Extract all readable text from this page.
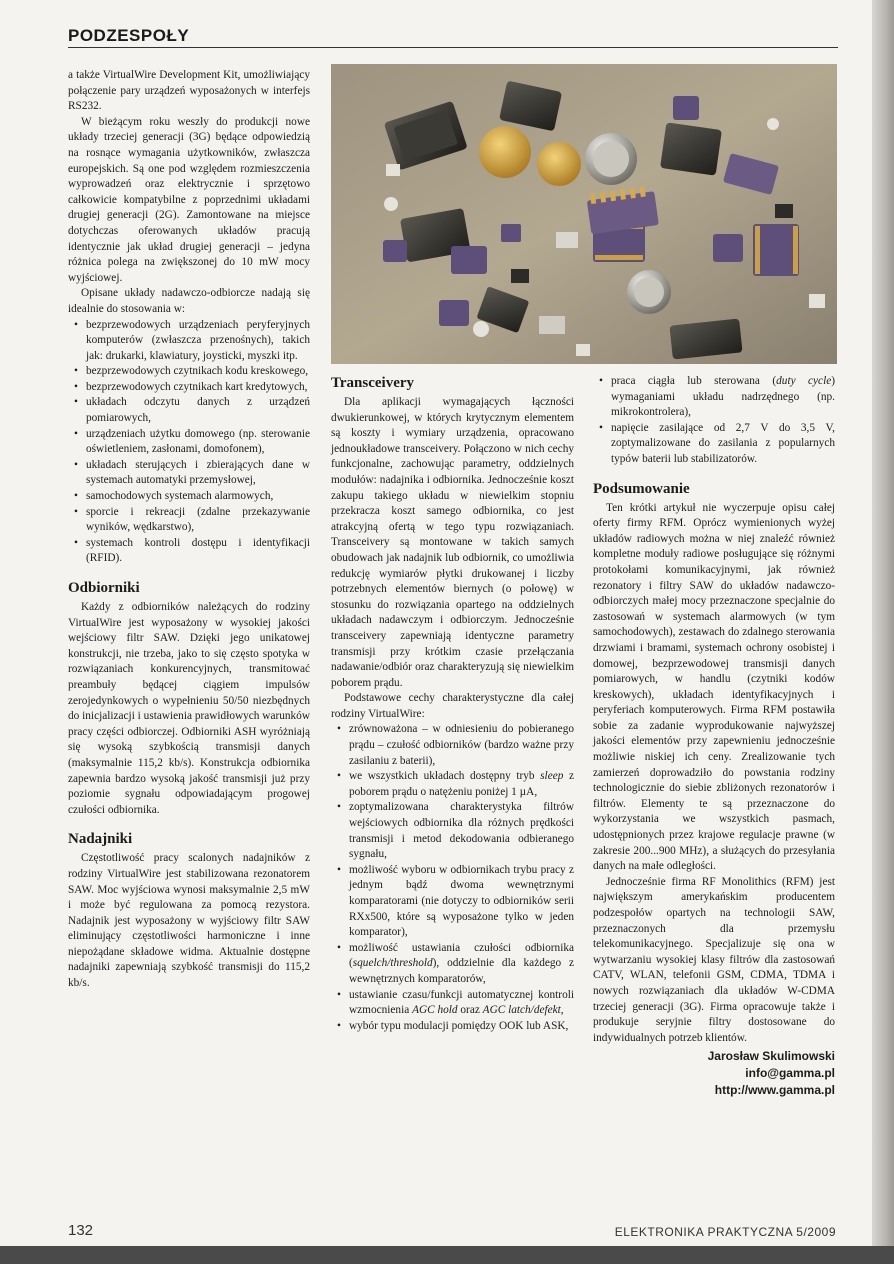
PODZESPOŁY

a także VirtualWire Development Kit, umożliwiający połączenie pary urządzeń wyposażonych w interfejs RS232.

W bieżącym roku weszły do produkcji nowe układy trzeciej generacji (3G) będące odpowiedzią na rosnące wymagania użytkowników, zwłaszcza europejskich. Są one pod względem rozmieszczenia wyprowadzeń oraz elektrycznie i sprzętowo całkowicie kompatybilne z poprzednimi układami drugiej generacji (2G). Zamontowane na miejsce dotychczas oferowanych układów pracują identycznie jak układ drugiej generacji – jedyna różnica polega na zwiększonej do 10 mW mocy wyjściowej.

Opisane układy nadawczo-odbiorcze nadają się idealnie do stosowania w:

• bezprzewodowych urządzeniach peryferyjnych komputerów (zwłaszcza przenośnych), takich jak: drukarki, klawiatury, joysticki, myszki itp.
• bezprzewodowych czytnikach kodu kreskowego,
• bezprzewodowych czytnikach kart kredytowych,
• układach odczytu danych z urządzeń pomiarowych,
• urządzeniach użytku domowego (np. sterowanie oświetleniem, zasłonami, domofonem),
• układach sterujących i zbierających dane w systemach automatyki przemysłowej,
• samochodowych systemach alarmowych,
• sporcie i rekreacji (zdalne przekazywanie wyników, wędkarstwo),
• systemach kontroli dostępu i identyfikacji (RFID).
Odbiorniki

Każdy z odbiorników należących do rodziny VirtualWire jest wyposażony w wysokiej jakości wejściowy filtr SAW. Dzięki jego unikatowej konstrukcji, nie trzeba, jako to się często spotyka w rozwiązaniach konkurencyjnych, transmitować preambuły będącej ciągiem impulsów zerojedynkowych o wypełnieniu 50/50 niezbędnych do inicjalizacji i ustawienia prawidłowych warunków pracy części odbiorczej. Odbiorniki ASH wyróżniają się wysoką szybkością transmisji danych (maksymalnie 115,2 kb/s). Konstrukcja odbiornika zapewnia bardzo wysoką jakość transmisji już przy poziomie sygnału odpowiadającym progowej czułości odbiornika.

Nadajniki

Częstotliwość pracy scalonych nadajników z rodziny VirtualWire jest stabilizowana rezonatorem SAW. Moc wyjściowa wynosi maksymalnie 2,5 mW i może być regulowana za pomocą rezystora. Nadajnik jest wyposażony w wyjściowy filtr SAW eliminujący częstotliwości harmoniczne i inne niepożądane składowe widma. Aktualnie dostępne nadajniki zapewniają szybkość transmisji do 115,2 kb/s.

Transceivery

Dla aplikacji wymagających łączności dwukierunkowej, w których krytycznym elementem są koszty i wymiary urządzenia, opracowano jednoukładowe transceivery. Połączono w nich cechy funkcjonalne, zachowując parametry, oddzielnych modułów: nadajnika i odbiornika. Jednocześnie koszt zakupu takiego układu w niewielkim stopniu przekracza koszt samego odbiornika, co jest atrakcyjną ofertą w tego typu rozwiązaniach. Transceivery są montowane w takich samych obudowach jak nadajnik lub odbiornik, co umożliwia redukcję wymiarów płytki drukowanej i liczby potrzebnych elementów biernych (o połowę) w stosunku do rozwiązania opartego na oddzielnych układach nadawczym i odbiorczym. Jednocześnie transceivery zapewniają identyczne parametry transmisji przy krótkim czasie przełączania nadawanie/odbiór oraz charakteryzują się niewielkim poborem prądu.

Podstawowe cechy charakterystyczne dla całej rodziny VirtualWire:

• zrównoważona – w odniesieniu do pobieranego prądu – czułość odbiorników (bardzo ważne przy zasilaniu z baterii),
• we wszystkich układach dostępny tryb sleep z poborem prądu o natężeniu poniżej 1 µA,
• zoptymalizowana charakterystyka filtrów wejściowych odbiornika dla różnych prędkości transmisji i metod dekodowania odbieranego sygnału,
• możliwość wyboru w odbiornikach trybu pracy z jednym bądź dwoma wewnętrznymi komparatorami (nie dotyczy to odbiorników serii RXx500, które są wyposażone tylko w jeden komparator),
• możliwość ustawiania czułości odbiornika (squelch/threshold), oddzielnie dla każdego z wewnętrznych komparatorów,
• ustawianie czasu/funkcji automatycznej kontroli wzmocnienia AGC hold oraz AGC latch/defekt,
• wybór typu modulacji pomiędzy OOK lub ASK,
• praca ciągła lub sterowana (duty cycle) wymaganiami układu nadrzędnego (np. mikrokontrolera),
• napięcie zasilające od 2,7 V do 3,5 V, zoptymalizowane do zasilania z popularnych typów baterii lub stabilizatorów.
Podsumowanie

Ten krótki artykuł nie wyczerpuje opisu całej oferty firmy RFM. Oprócz wymienionych wyżej układów radiowych można w niej znaleźć również kompletne moduły radiowe posługujące się różnymi protokołami komunikacyjnymi, jak również rezonatory i filtry SAW do układów nadawczo-odbiorczych małej mocy przeznaczone specjalnie do zastosowań w systemach alarmowych (w tym samochodowych), zestawach do zdalnego sterowania drzwiami i bramami, systemach ochrony osobistej i domowej, bezprzewodowej transmisji danych pomiarowych, w handlu (czytniki kodów kreskowych), układach identyfikacyjnych i peryferiach komputerowych. Firma RFM postawiła sobie za zadanie wyprodukowanie najwyższej jakości elementów przy zapewnieniu jednocześnie możliwie niskiej ich ceny. Zrealizowanie tych zamierzeń doprowadziło do powstania rodziny technologicznie do siebie zbliżonych rezonatorów i filtrów. Elementy te są przeznaczone do wykorzystania we wszystkich pasmach, udostępnionych przez krajowe regulacje prawne (w zakresie 200...900 MHz), a służących do przesyłania danych na małe odległości.

Jednocześnie firma RF Monolithics (RFM) jest największym amerykańskim producentem podzespołów opartych na technologii SAW, przeznaczonych dla przemysłu telekomunikacyjnego. Specjalizuje się ona w wytwarzaniu wysokiej klasy filtrów dla zastosowań CATV, WLAN, telefonii GSM, CDMA, TDMA i nowych rozwiązaniach dla układów W-CDMA trzeciej generacji (3G). Firma opracowuje także i produkuje seryjnie filtry dostosowane do indywidualnych potrzeb klientów.

Jarosław Skulimowski
info@gamma.pl
http://www.gamma.pl
132	ELEKTRONIKA PRAKTYCZNA 5/2009
